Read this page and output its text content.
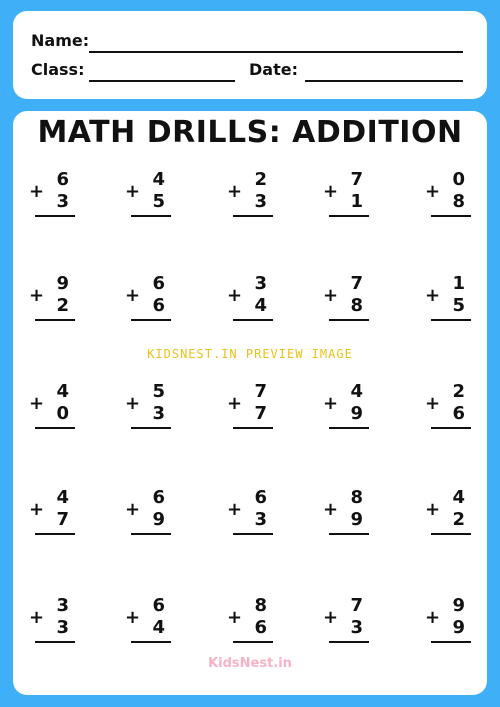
Name:
Class:	Date:
MATH DRILLS: ADDITION
6
+ 3
4
+ 5
2
+ 3
7
+ 1
0
+ 8
9
+ 2
6
+ 6
3
+ 4
7
+ 8
1
+ 5
4
+ 0
5
+ 3
7
+ 7
4
+ 9
2
+ 6
4
+ 7
6
+ 9
6
+ 3
8
+ 9
4
+ 2
3
+ 3
6
+ 4
8
+ 6
7
+ 3
9
+ 9
KIDSNEST.IN PREVIEW IMAGE
KidsNest.in
